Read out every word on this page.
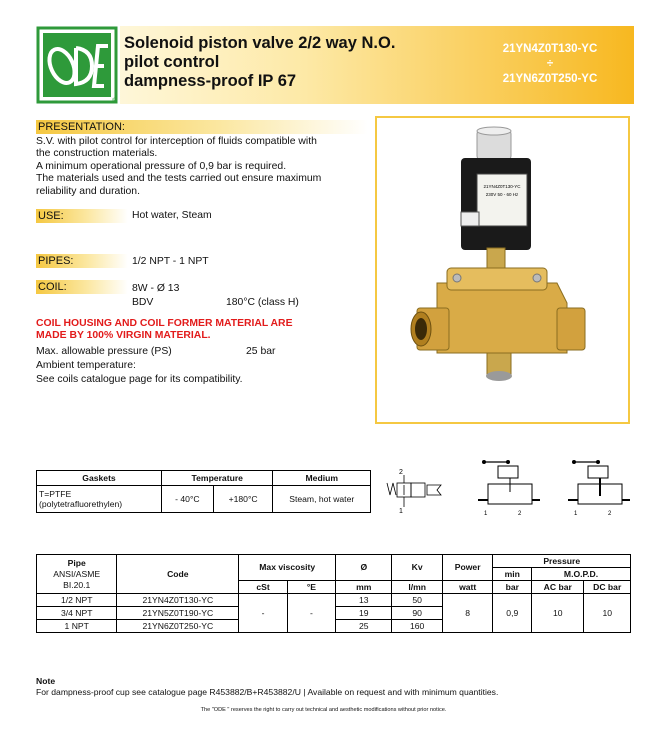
®
Solenoid piston valve 2/2 way N.O.
pilot control
dampness-proof IP 67
21YN4Z0T130-YC
÷
21YN6Z0T250-YC
PRESENTATION:
S.V. with pilot control for interception of fluids compatible with
the construction materials.
A minimum operational pressure of 0,9 bar is required.
The materials used and the tests carried out ensure maximum
reliability and duration.
USE:	Hot water, Steam
PIPES:	1/2 NPT - 1 NPT
COIL:	8W - Ø 13
BDV	180°C (class H)
COIL HOUSING AND COIL FORMER MATERIAL ARE
MADE BY 100% VIRGIN MATERIAL.
Max. allowable pressure (PS)	25 bar
Ambient temperature:
See coils catalogue page for its compatibility.
21YN4Z0T130-YC
230V 50 - 60 Hz
Gaskets	Temperature		Medium

T=PTFE
(polytetrafluorethylen)	- 40°C	+180°C	Steam, hot water
2
1	1	2	1	2
Pipe
ANSI/ASME
BI.20.1	Code	Max viscosity		Ø	Kv	Power	Pressure		
							min	M.O.P.D.	
		cSt	°E	mm	l/mn	watt	bar	AC bar	DC bar
1/2 NPT	21YN4Z0T130-YC	-	-	13	50	8	0,9	10	10
3/4 NPT	21YN5Z0T190-YC			19	90				
1 NPT	21YN6Z0T250-YC			25	160				
Note
For dampness-proof cup see catalogue page R453882/B+R453882/U | Available on request and with minimum quantities.
The "ODE " reserves the right to carry out technical and aesthetic modifications without prior notice.
